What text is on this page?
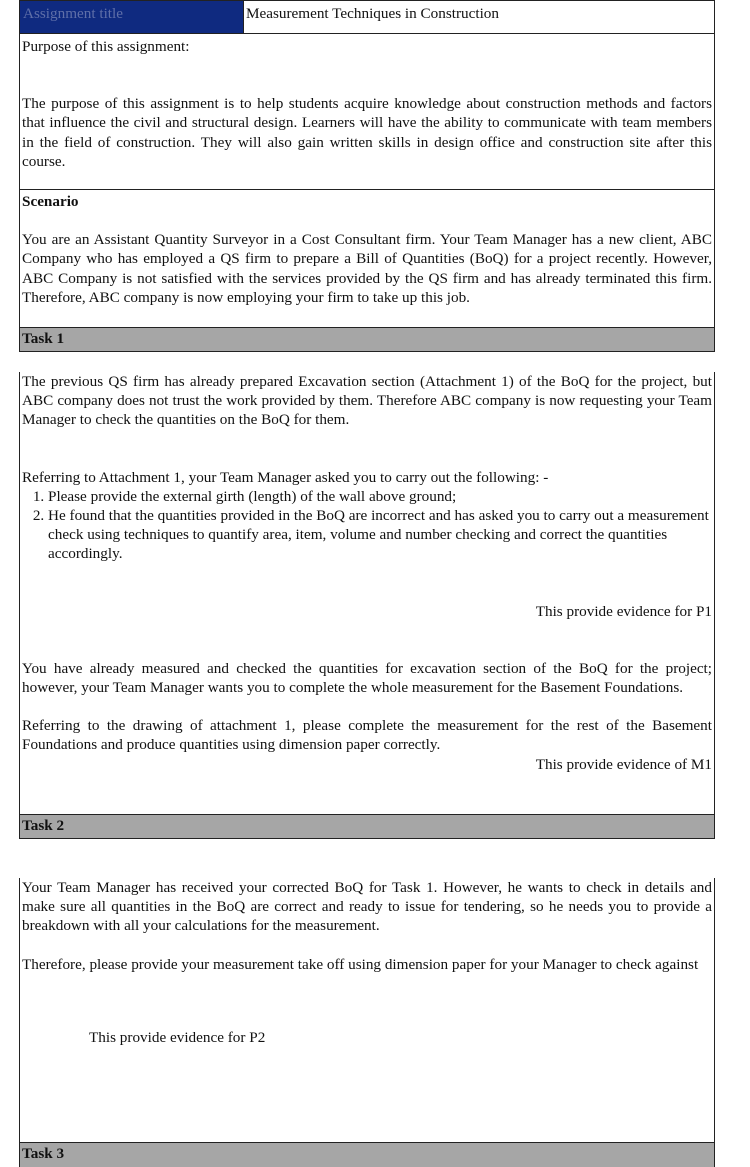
Assignment title	Measurement Techniques in Construction

Purpose of this assignment:

The purpose of this assignment is to help students acquire knowledge about construction methods and factors that influence the civil and structural design. Learners will have the ability to communicate with team members in the field of construction. They will also gain written skills in design office and construction site after this course.

Scenario

You are an Assistant Quantity Surveyor in a Cost Consultant firm. Your Team Manager has a new client, ABC Company who has employed a QS firm to prepare a Bill of Quantities (BoQ) for a project recently. However, ABC Company is not satisfied with the services provided by the QS firm and has already terminated this firm. Therefore, ABC company is now employing your firm to take up this job.

Task 1

The previous QS firm has already prepared Excavation section (Attachment 1) of the BoQ for the project, but ABC company does not trust the work provided by them. Therefore ABC company is now requesting your Team Manager to check the quantities on the BoQ for them.

Referring to Attachment 1, your Team Manager asked you to carry out the following: -

1. Please provide the external girth (length) of the wall above ground;
2. He found that the quantities provided in the BoQ are incorrect and has asked you to carry out a measurement check using techniques to quantify area, item, volume and number checking and correct the quantities accordingly.

This provide evidence for P1

You have already measured and checked the quantities for excavation section of the BoQ for the project; however, your Team Manager wants you to complete the whole measurement for the Basement Foundations.

Referring to the drawing of attachment 1, please complete the measurement for the rest of the Basement Foundations and produce quantities using dimension paper correctly.

This provide evidence of M1

Task 2

Your Team Manager has received your corrected BoQ for Task 1. However, he wants to check in details and make sure all quantities in the BoQ are correct and ready to issue for tendering, so he needs you to provide a breakdown with all your calculations for the measurement.

Therefore, please provide your measurement take off using dimension paper for your Manager to check against

This provide evidence for P2

Task 3
